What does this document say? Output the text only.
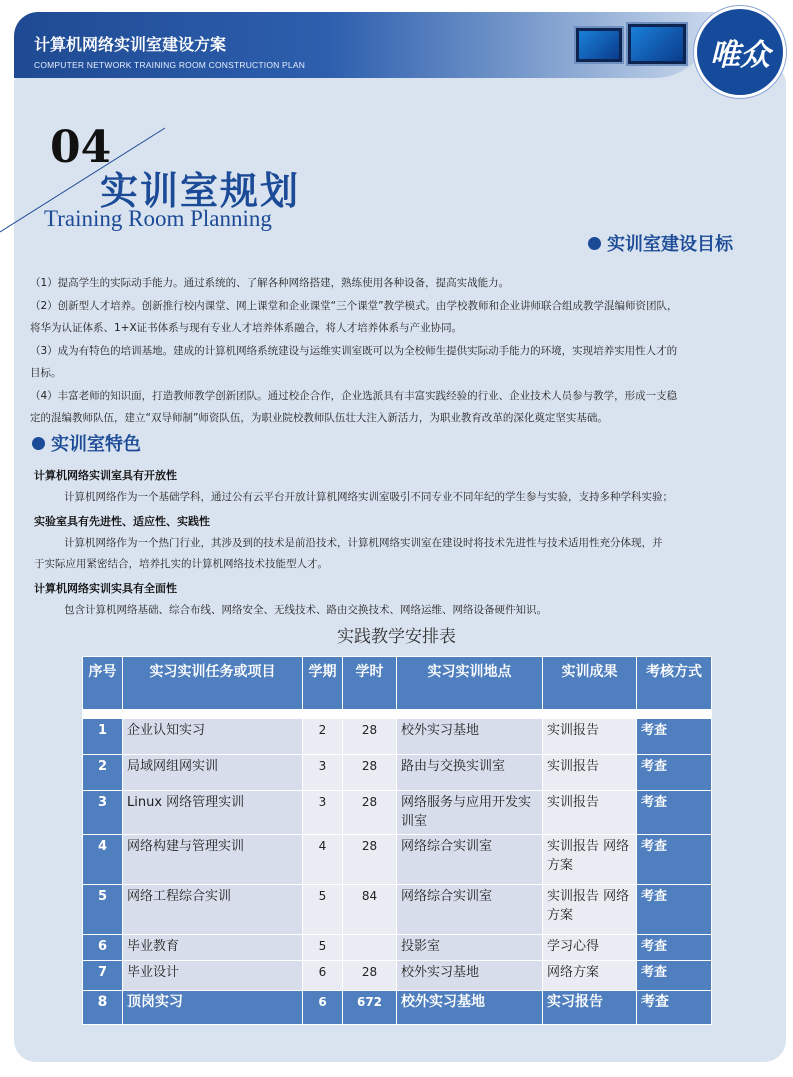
计算机网络实训室建设方案
COMPUTER NETWORK TRAINING ROOM CONSTRUCTION PLAN	唯众
04
实训室规划
Training Room Planning
实训室建设目标
（1）提高学生的实际动手能力。通过系统的、了解各种网络搭建，熟练使用各种设备，提高实战能力。
（2）创新型人才培养。创新推行校内课堂、网上课堂和企业课堂“三个课堂”教学模式。由学校教师和企业讲师联合组成教学混编师资团队，
将华为认证体系、1+X证书体系与现有专业人才培养体系融合，将人才培养体系与产业协同。
（3）成为有特色的培训基地。建成的计算机网络系统建设与运维实训室既可以为全校师生提供实际动手能力的环境，实现培养实用性人才的
目标。
（4）丰富老师的知识面，打造教师教学创新团队。通过校企合作，企业选派具有丰富实践经验的行业、企业技术人员参与教学，形成一支稳
定的混编教师队伍，建立“双导师制”师资队伍，为职业院校教师队伍壮大注入新活力，为职业教育改革的深化奠定坚实基础。
实训室特色
计算机网络实训室具有开放性
计算机网络作为一个基础学科，通过公有云平台开放计算机网络实训室吸引不同专业不同年纪的学生参与实验，支持多种学科实验；
实验室具有先进性、适应性、实践性
计算机网络作为一个热门行业，其涉及到的技术是前沿技术，计算机网络实训室在建设时将技术先进性与技术适用性充分体现，并
于实际应用紧密结合，培养扎实的计算机网络技术技能型人才。
计算机网络实训实具有全面性
包含计算机网络基础、综合布线、网络安全、无线技术、路由交换技术、网络运维、网络设备硬件知识。
实践教学安排表
序号	实习实训任务或项目	学期	学时	实习实训地点	实训成果	考核方式

1	企业认知实习	2	28	校外实习基地	实训报告	考查
2	局域网组网实训	3	28	路由与交换实训室	实训报告	考查
3	Linux 网络管理实训	3	28	网络服务与应用开发实训室	实训报告	考查
4	网络构建与管理实训	4	28	网络综合实训室	实训报告 网络方案	考查
5	网络工程综合实训	5	84	网络综合实训室	实训报告 网络方案	考查
6	毕业教育	5		投影室	学习心得	考查
7	毕业设计	6	28	校外实习基地	网络方案	考查
8	顶岗实习	6	672	校外实习基地	实习报告	考查
